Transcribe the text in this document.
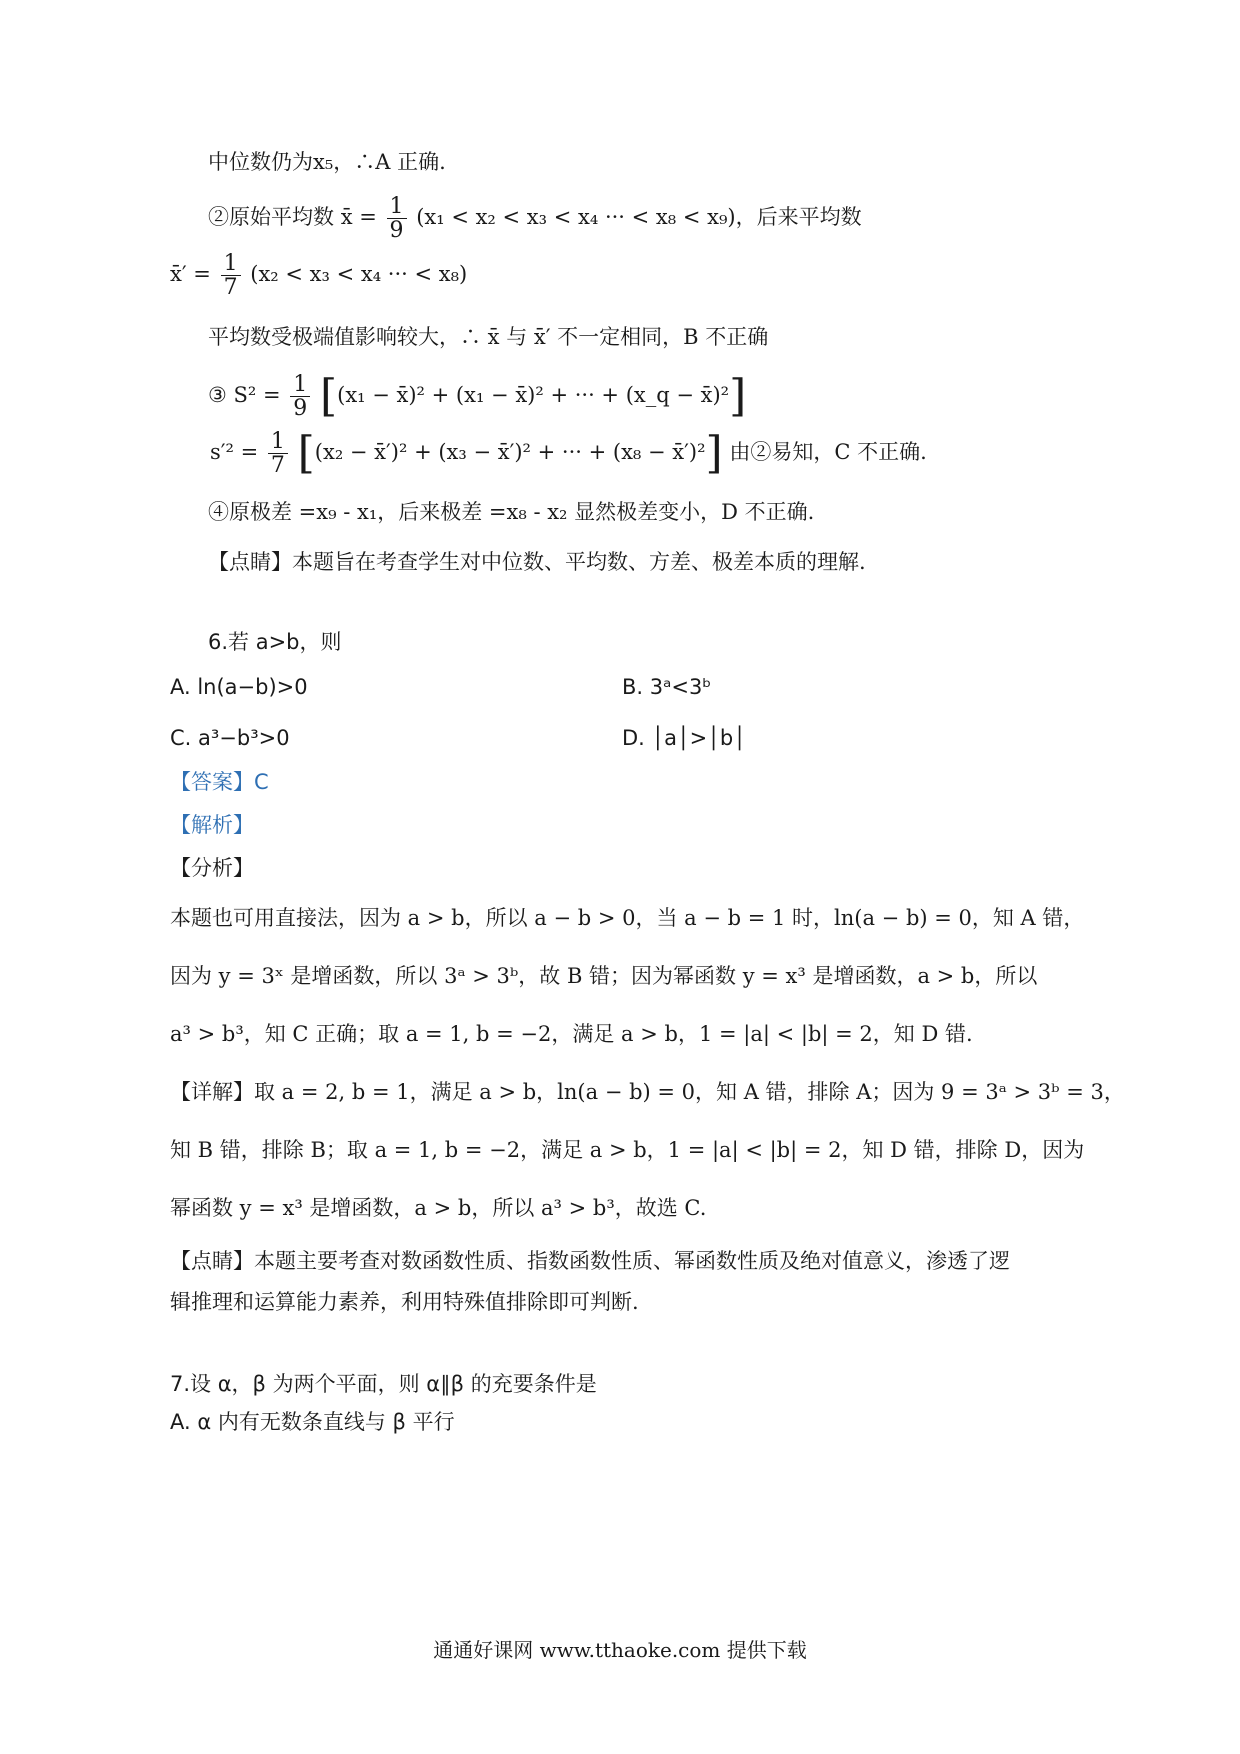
中位数仍为x₅，∴A 正确.
②原始平均数 x̄ = $\frac{1}{9} (x_1 < x_2 < x_3 < x_4$ ··· < x₈ < x₉)，后来平均数
x̄′ = $\frac{1}{7} (x_2 < x_3 < x_4$ ··· < x₈)
平均数受极端值影响较大，∴ x̄ 与 x̄′ 不一定相同，B 不正确
③ $S^2 = \frac{1}{9} [(x_1$ − x̄)² + (x₁ − x̄)² + ··· + (x_q − x̄)²]
$s'^2 = \frac{1}{7} [(x_2$ − x̄′)² + (x₃ − x̄′)² + ··· + (x₈ − x̄′)²] 由②易知，C 不正确.
④原极差 =x₉ - x₁，后来极差 =x₈ - x₂ 显然极差变小，D 不正确.
【点睛】本题旨在考查学生对中位数、平均数、方差、极差本质的理解.
6.若 a>b，则
A. ln(a−b)>0	B. 3ᵃ<3ᵇ
C. a³−b³>0	D. │a│>│b│
【答案】C
【解析】
【分析】
本题也可用直接法，因为 a > b，所以 a − b > 0，当 a − b = 1 时，ln(a − b) = 0，知 A 错，
因为 y = 3ˣ 是增函数，所以 3ᵃ > 3ᵇ，故 B 错；因为幂函数 y = x³ 是增函数，a > b，所以
a³ > b³，知 C 正确；取 a = 1, b = −2，满足 a > b，1 = |a| < |b| = 2，知 D 错.
【详解】取 a = 2, b = 1，满足 a > b，ln(a − b) = 0，知 A 错，排除 A；因为 9 = 3ᵃ > 3ᵇ = 3，
知 B 错，排除 B；取 a = 1, b = −2，满足 a > b，1 = |a| < |b| = 2，知 D 错，排除 D，因为
幂函数 y = x³ 是增函数，a > b，所以 a³ > b³，故选 C.
【点睛】本题主要考查对数函数性质、指数函数性质、幂函数性质及绝对值意义，渗透了逻
辑推理和运算能力素养，利用特殊值排除即可判断.
7.设 α，β 为两个平面，则 α∥β 的充要条件是
A. α 内有无数条直线与 β 平行
通通好课网 www.tthaoke.com 提供下载
